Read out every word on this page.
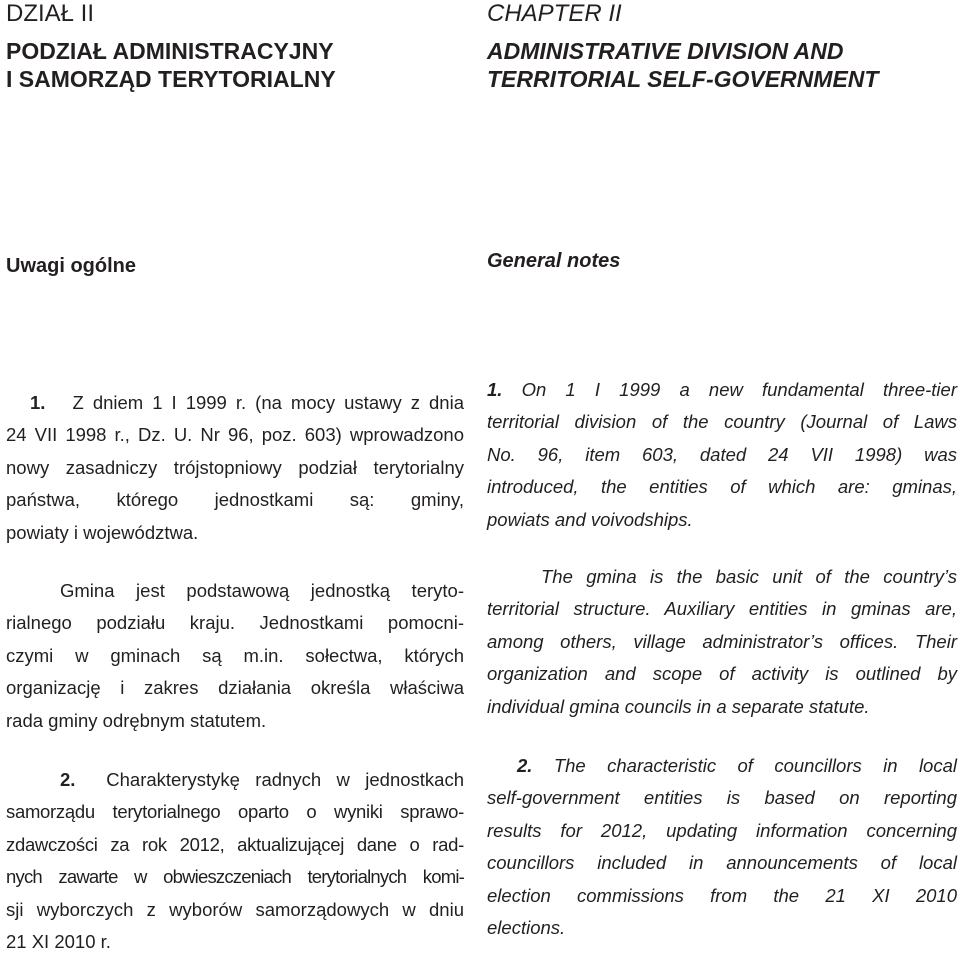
DZIAŁ II
PODZIAŁ ADMINISTRACYJNY
I SAMORZĄD TERYTORIALNY
Uwagi ogólne
1. Z dniem 1 I 1999 r. (na mocy ustawy z dnia
24 VII 1998 r., Dz. U. Nr 96, poz. 603) wprowadzono
nowy zasadniczy trójstopniowy podział terytorialny
państwa, którego jednostkami są: gminy,
powiaty i województwa.
Gmina jest podstawową jednostką teryto-
rialnego podziału kraju. Jednostkami pomocni-
czymi w gminach są m.in. sołectwa, których
organizację i zakres działania określa właściwa
rada gminy odrębnym statutem.
2. Charakterystykę radnych w jednostkach
samorządu terytorialnego oparto o wyniki sprawo-
zdawczości za rok 2012, aktualizującej dane o rad-
nych zawarte w obwieszczeniach terytorialnych komi-
sji wyborczych z wyborów samorządowych w dniu
21 XI 2010 r.
CHAPTER II
ADMINISTRATIVE DIVISION AND
TERRITORIAL SELF-GOVERNMENT
General notes
1. On 1 I 1999 a new fundamental three-tier
territorial division of the country (Journal of Laws
No. 96, item 603, dated 24 VII 1998) was
introduced, the entities of which are: gminas,
powiats and voivodships.
The gmina is the basic unit of the country’s
territorial structure. Auxiliary entities in gminas are,
among others, village administrator’s offices. Their
organization and scope of activity is outlined by
individual gmina councils in a separate statute.
2. The characteristic of councillors in local
self-government entities is based on reporting
results for 2012, updating information concerning
councillors included in announcements of local
election commissions from the 21 XI 2010
elections.
